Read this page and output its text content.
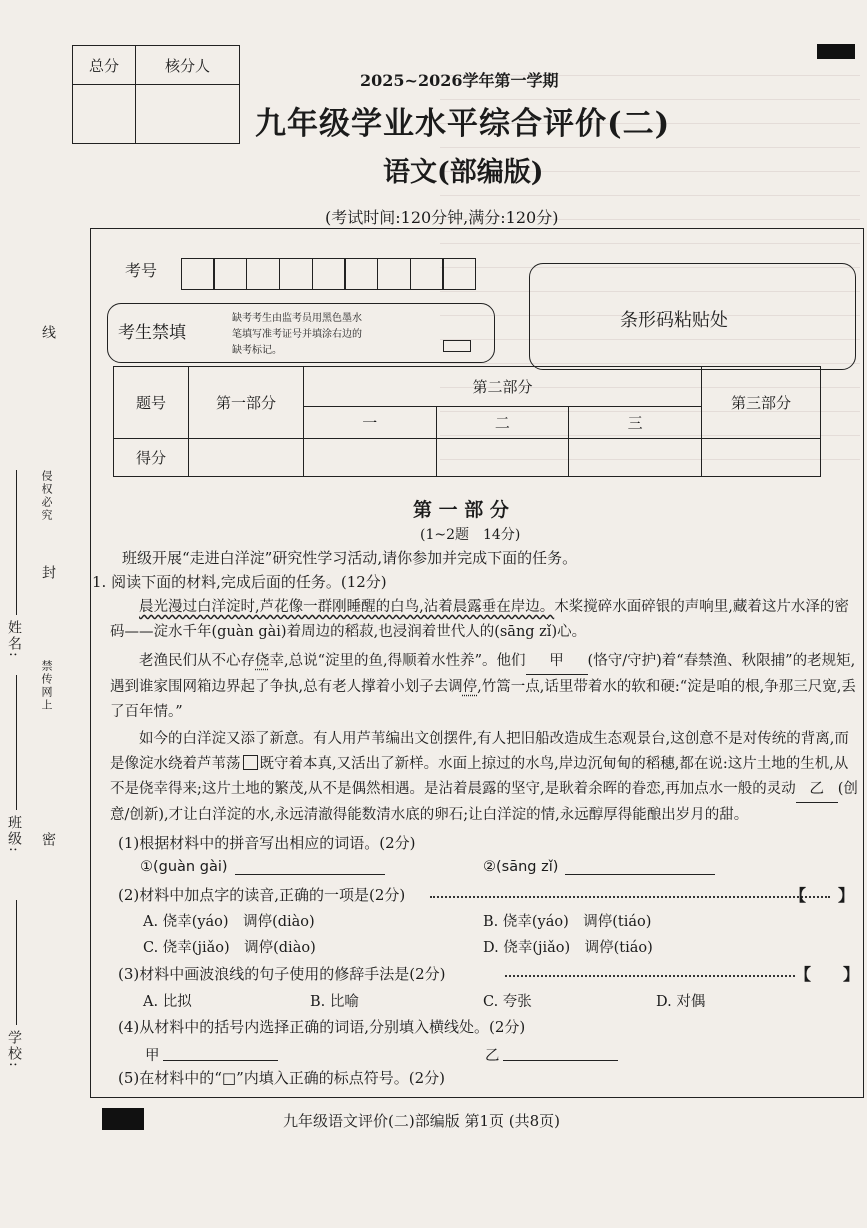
总分	核分人

2025~2026学年第一学期
九年级学业水平综合评价(二)
语文(部编版)
(考试时间:120分钟,满分:120分)
考号
考生禁填
缺考考生由监考员用黑色墨水
笔填写准考证号并填涂右边的
缺考标记。
条形码粘贴处
题号	第一部分	第二部分			第三部分
		一	二	三	
得分					
学校:
班级:
姓名:
密
封
线
禁传网上
侵权必究	第 一 部 分
(1~2题　14分)
班级开展“走进白洋淀”研究性学习活动,请你参加并完成下面的任务。
1. 阅读下面的材料,完成后面的任务。(12分)

晨光漫过白洋淀时,芦花像一群刚睡醒的白鸟,沾着晨露垂在岸边。木桨搅碎水面碎银的声响里,藏着这片水泽的密码——淀水千年(guàn gài)着周边的稻菽,也浸润着世代人的(sāng zǐ)心。

老渔民们从不心存侥幸,总说“淀里的鱼,得顺着水性养”。他们 甲 (恪守/守护)着“春禁渔、秋限捕”的老规矩,遇到谁家围网箱边界起了争执,总有老人撑着小划子去调停,竹篙一点,话里带着水的软和硬:“淀是咱的根,争那三尺宽,丢了百年情。”

如今的白洋淀又添了新意。有人用芦苇编出文创摆件,有人把旧船改造成生态观景台,这创意不是对传统的背离,而是像淀水绕着芦苇荡 既守着本真,又活出了新样。水面上掠过的水鸟,岸边沉甸甸的稻穗,都在说:这片土地的生机,从不是侥幸得来;这片土地的繁茂,从不是偶然相遇。是沾着晨露的坚守,是耿着余晖的眷恋,再加点水一般的灵动 乙 (创意/创新),才让白洋淀的水,永远清澈得能数清水底的卵石;让白洋淀的情,永远醇厚得能酿出岁月的甜。

(1)根据材料中的拼音写出相应的词语。(2分)
①(guàn gài)	②(sāng zǐ)
(2)材料中加点字的读音,正确的一项是(2分)	【　　】
A. 侥幸(yáo)　调停(diào)	B. 侥幸(yáo)　调停(tiáo)
C. 侥幸(jiǎo)　调停(diào)	D. 侥幸(jiǎo)　调停(tiáo)
(3)材料中画波浪线的句子使用的修辞手法是(2分)	【　　】
A. 比拟	B. 比喻	C. 夸张	D. 对偶
(4)从材料中的括号内选择正确的词语,分别填入横线处。(2分)
甲	乙
(5)在材料中的“□”内填入正确的标点符号。(2分)
九年级语文评价(二)部编版 第1页 (共8页)
